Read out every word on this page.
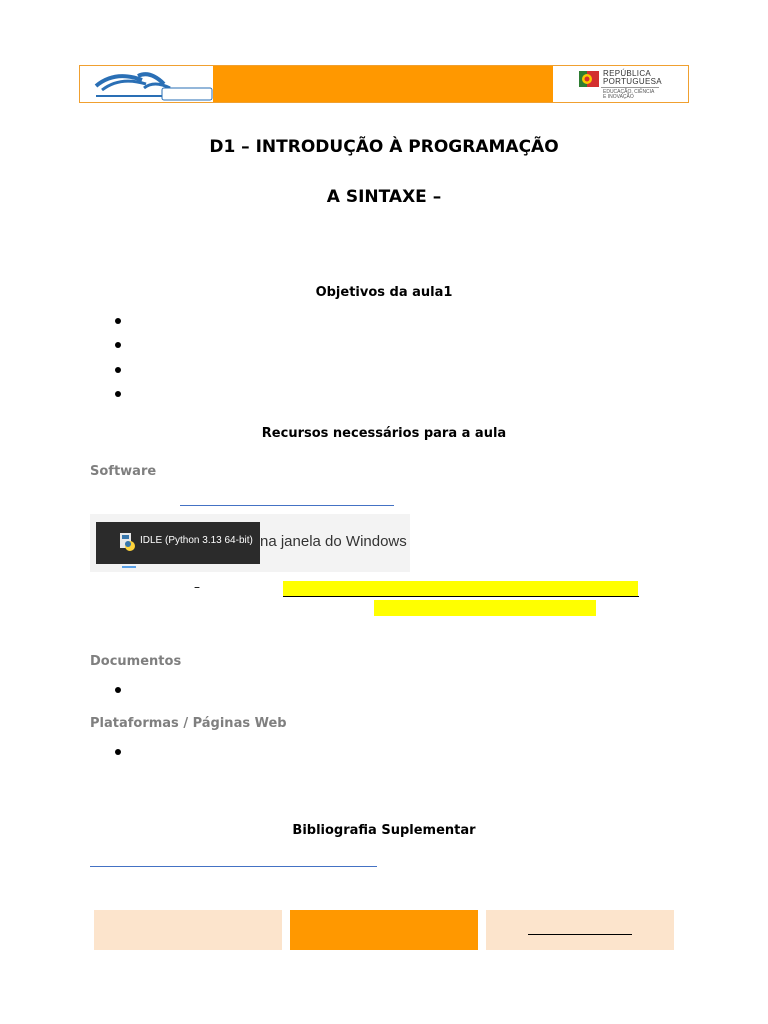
REPÚBLICA
PORTUGUESA
EDUCAÇÃO, CIÊNCIA
E INOVAÇÃO
D1 – INTRODUÇÃO À PROGRAMAÇÃO
A SINTAXE –
Objetivos da aula1
Recursos necessários para a aula
Software
IDLE (Python 3.13 64-bit) na janela do Windows
–
Documentos
Plataformas / Páginas Web
Bibliografia Suplementar
